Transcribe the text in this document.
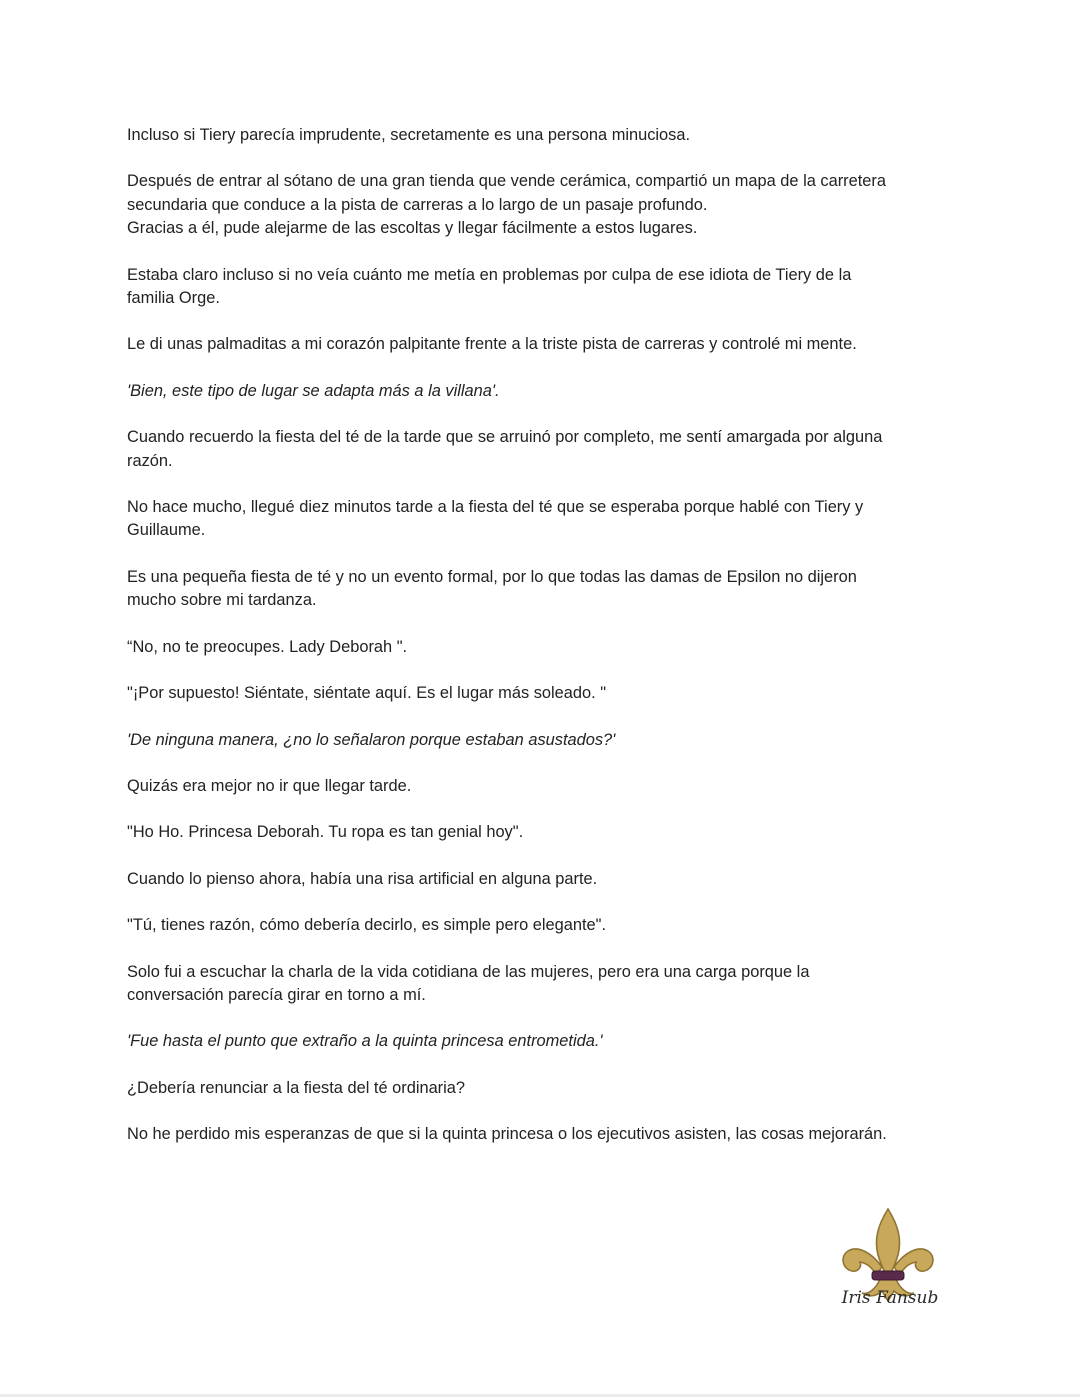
Incluso si Tiery parecía imprudente, secretamente es una persona minuciosa.

Después de entrar al sótano de una gran tienda que vende cerámica, compartió un mapa de la carretera
secundaria que conduce a la pista de carreras a lo largo de un pasaje profundo.
Gracias a él, pude alejarme de las escoltas y llegar fácilmente a estos lugares.

Estaba claro incluso si no veía cuánto me metía en problemas por culpa de ese idiota de Tiery de la
familia Orge.

Le di unas palmaditas a mi corazón palpitante frente a la triste pista de carreras y controlé mi mente.

'Bien, este tipo de lugar se adapta más a la villana'.

Cuando recuerdo la fiesta del té de la tarde que se arruinó por completo, me sentí amargada por alguna
razón.

No hace mucho, llegué diez minutos tarde a la fiesta del té que se esperaba porque hablé con Tiery y
Guillaume.

Es una pequeña fiesta de té y no un evento formal, por lo que todas las damas de Epsilon no dijeron
mucho sobre mi tardanza.

“No, no te preocupes. Lady Deborah ".

"¡Por supuesto! Siéntate, siéntate aquí. Es el lugar más soleado. "

'De ninguna manera, ¿no lo señalaron porque estaban asustados?'

Quizás era mejor no ir que llegar tarde.

"Ho Ho. Princesa Deborah. Tu ropa es tan genial hoy".

Cuando lo pienso ahora, había una risa artificial en alguna parte.

"Tú, tienes razón, cómo debería decirlo, es simple pero elegante".

Solo fui a escuchar la charla de la vida cotidiana de las mujeres, pero era una carga porque la
conversación parecía girar en torno a mí.

'Fue hasta el punto que extraño a la quinta princesa entrometida.'

¿Debería renunciar a la fiesta del té ordinaria?

No he perdido mis esperanzas de que si la quinta princesa o los ejecutivos asisten, las cosas mejorarán.

Iris Fansub
